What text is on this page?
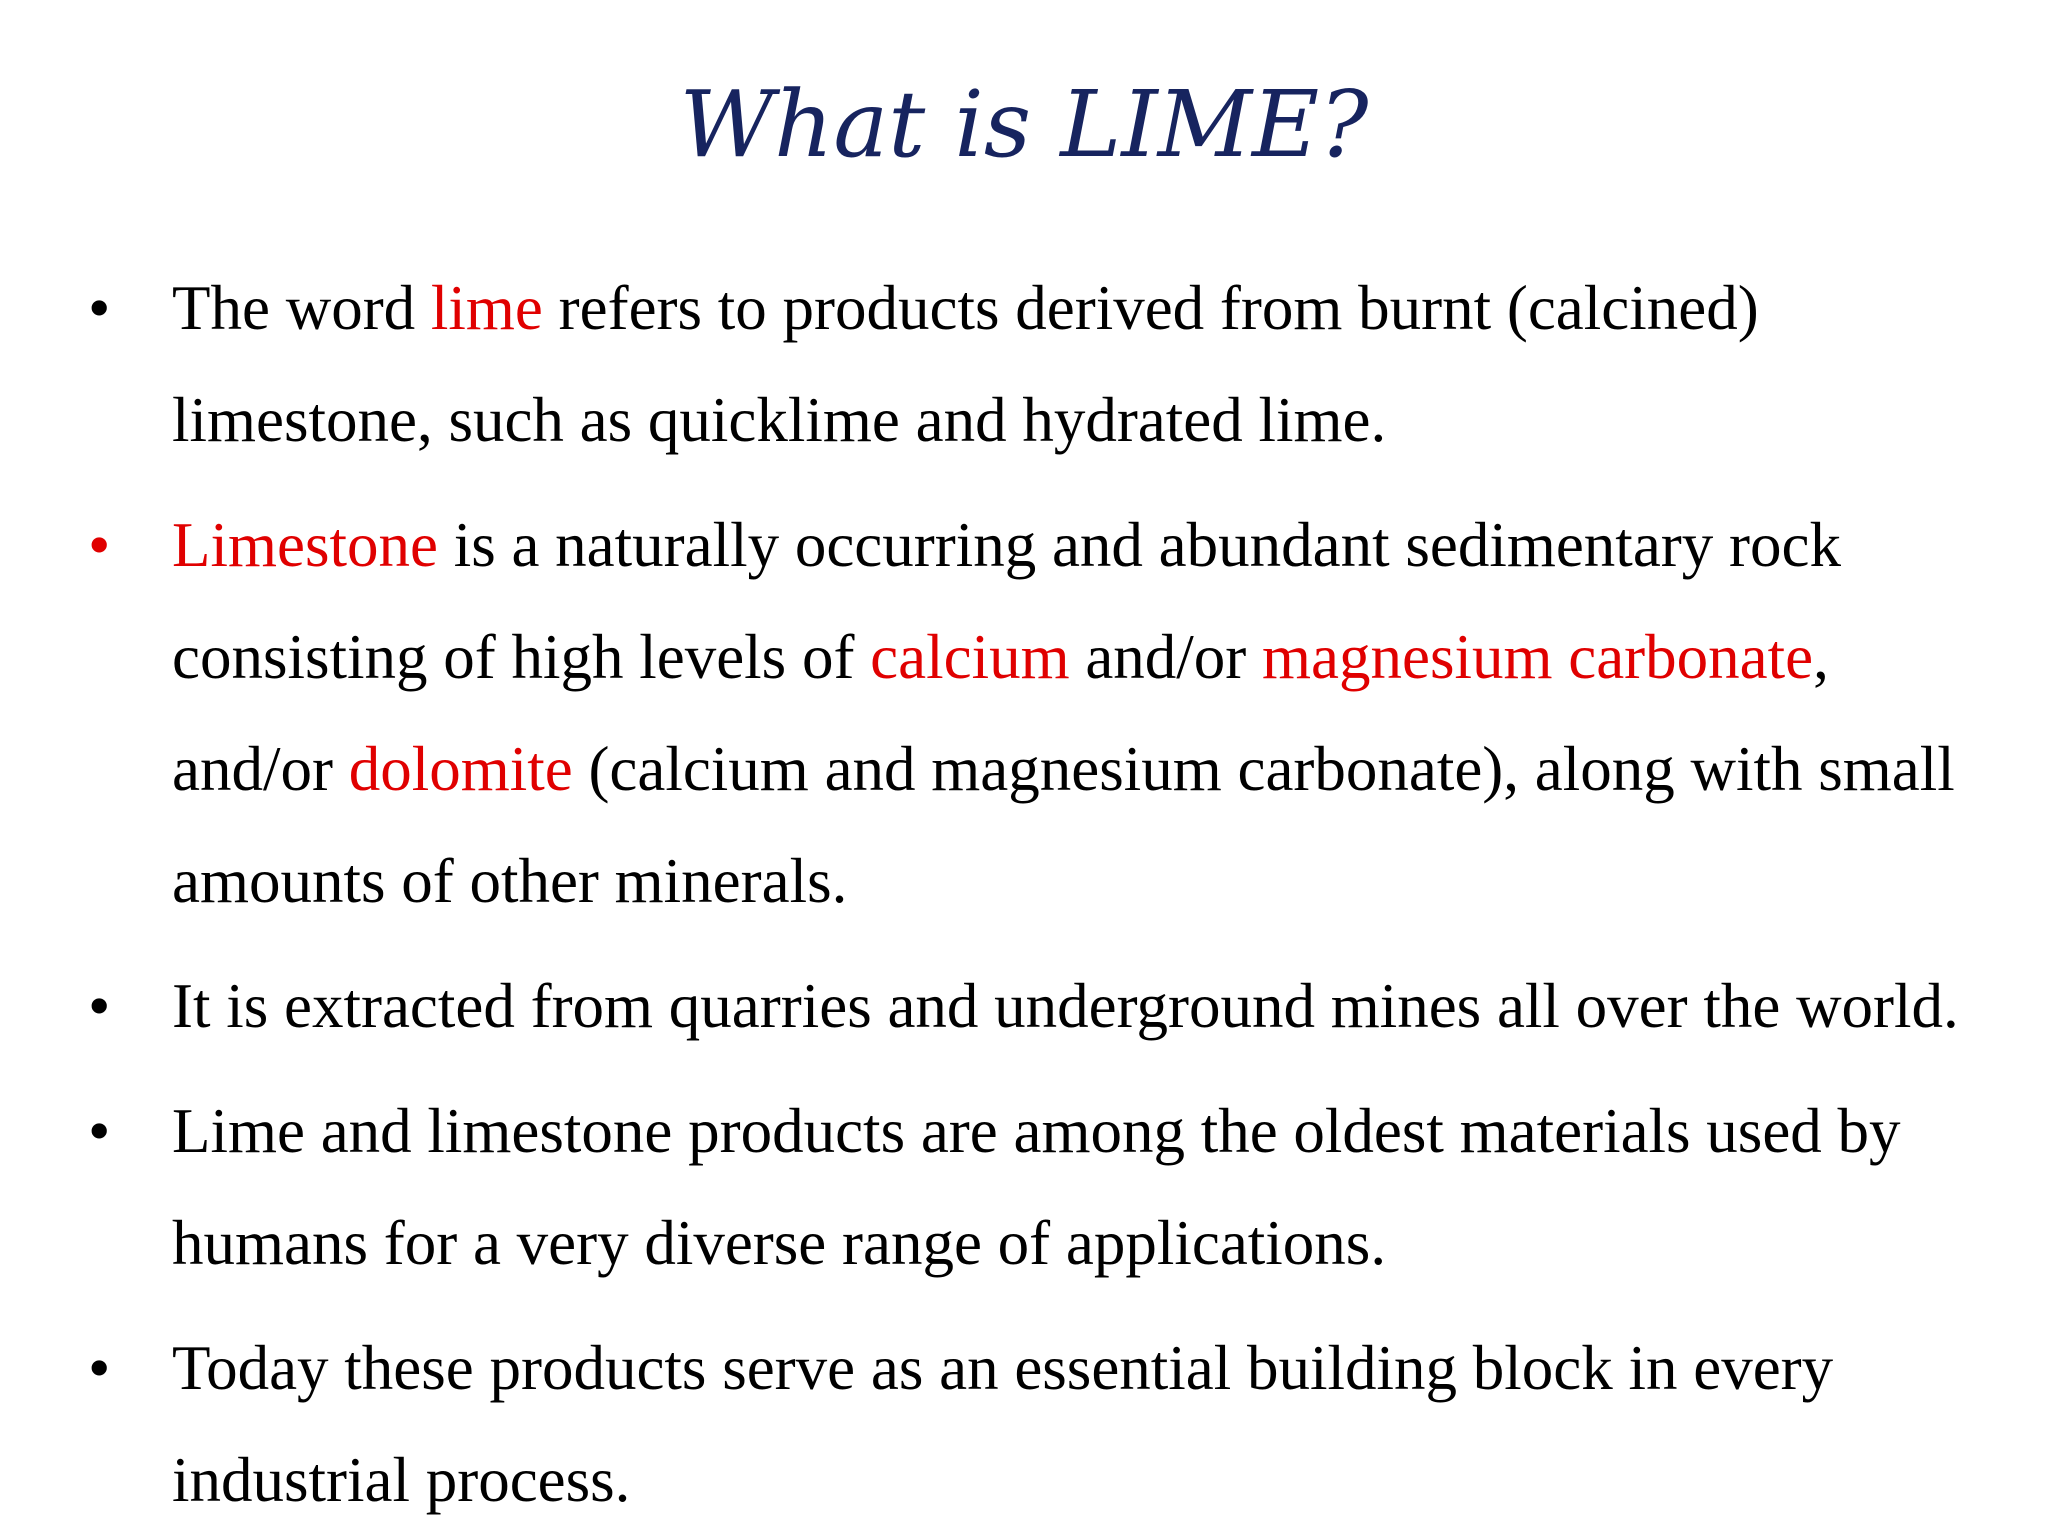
What is LIME?
• The word lime refers to products derived from burnt (calcined)
limestone, such as quicklime and hydrated lime.
• Limestone is a naturally occurring and abundant sedimentary rock
consisting of high levels of calcium and/or magnesium carbonate,
and/or dolomite (calcium and magnesium carbonate), along with small
amounts of other minerals.
• It is extracted from quarries and underground mines all over the world.
• Lime and limestone products are among the oldest materials used by
humans for a very diverse range of applications.
• Today these products serve as an essential building block in every
industrial process.
